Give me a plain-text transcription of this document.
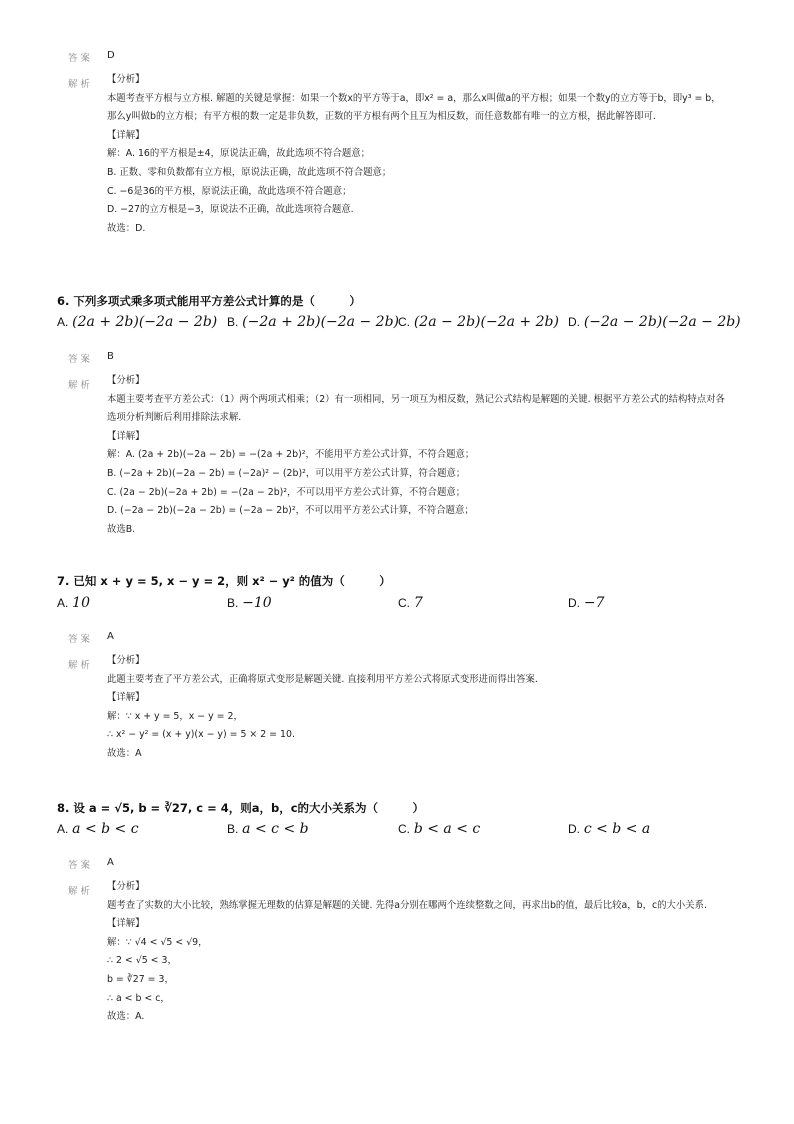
答案 D
解析 【分析】
本题考查平方根与立方根. 解题的关键是掌握：如果一个数x的平方等于a，即x² = a，那么x叫做a的平方根；如果一个数y的立方等于b，即y³ = b，那么y叫做b的立方根；有平方根的数一定是非负数，正数的平方根有两个且互为相反数，而任意数都有唯一的立方根，据此解答即可.
【详解】
解：A. 16的平方根是±4，原说法正确，故此选项不符合题意；
B. 正数、零和负数都有立方根，原说法正确，故此选项不符合题意；
C. −6是36的平方根，原说法正确，故此选项不符合题意；
D. −27的立方根是−3，原说法不正确，故此选项符合题意.
故选：D.
6. 下列多项式乘多项式能用平方差公式计算的是（　　　）
A. (2a + 2b)(−2a − 2b) B. (−2a + 2b)(−2a − 2b) C. (2a − 2b)(−2a + 2b) D. (−2a − 2b)(−2a − 2b)
答案 B
解析 【分析】
本题主要考查平方差公式：（1）两个两项式相乘；（2）有一项相同，另一项互为相反数，熟记公式结构是解题的关键. 根据平方差公式的结构特点对各选项分析判断后利用排除法求解.
【详解】
解：A. (2a + 2b)(−2a − 2b) = −(2a + 2b)²，不能用平方差公式计算，不符合题意；
B. (−2a + 2b)(−2a − 2b) = (−2a)² − (2b)²，可以用平方差公式计算，符合题意；
C. (2a − 2b)(−2a + 2b) = −(2a − 2b)²，不可以用平方差公式计算，不符合题意；
D. (−2a − 2b)(−2a − 2b) = (−2a − 2b)²，不可以用平方差公式计算，不符合题意；
故选B.
7. 已知 x + y = 5, x − y = 2，则 x² − y² 的值为（　　　）
A. 10	B. −10	C. 7	D. −7
答案 A
解析 【分析】
此题主要考查了平方差公式，正确将原式变形是解题关键. 直接利用平方差公式将原式变形进而得出答案.
【详解】
解：∵ x + y = 5，x − y = 2，
∴ x² − y² = (x + y)(x − y) = 5 × 2 = 10.
故选：A
8. 设 a = √5, b = ∛27, c = 4，则a，b，c的大小关系为（　　　）
A. a < b < c	B. a < c < b	C. b < a < c	D. c < b < a
答案 A
解析 【分析】
题考查了实数的大小比较，熟练掌握无理数的估算是解题的关键. 先得a分别在哪两个连续整数之间，再求出b的值，最后比较a，b，c的大小关系.
【详解】
解：∵ √4 < √5 < √9，
∴ 2 < √5 < 3，
b = ∛27 = 3，
∴ a < b < c，
故选：A.
